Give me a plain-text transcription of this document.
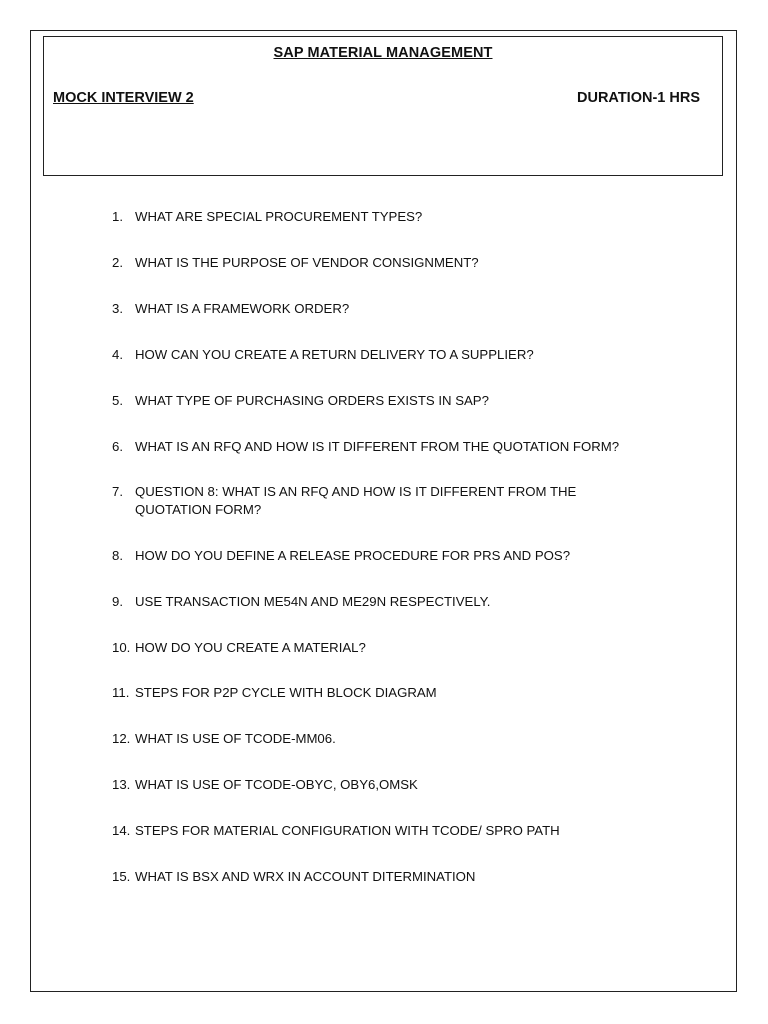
SAP MATERIAL MANAGEMENT
MOCK INTERVIEW 2	DURATION-1 HRS
1. WHAT ARE SPECIAL PROCUREMENT TYPES?
2. WHAT IS THE PURPOSE OF VENDOR CONSIGNMENT?
3. WHAT IS A FRAMEWORK ORDER?
4. HOW CAN YOU CREATE A RETURN DELIVERY TO A SUPPLIER?
5. WHAT TYPE OF PURCHASING ORDERS EXISTS IN SAP?
6. WHAT IS AN RFQ AND HOW IS IT DIFFERENT FROM THE QUOTATION FORM?
7. QUESTION 8: WHAT IS AN RFQ AND HOW IS IT DIFFERENT FROM THE QUOTATION FORM?
8. HOW DO YOU DEFINE A RELEASE PROCEDURE FOR PRS AND POS?
9. USE TRANSACTION ME54N AND ME29N RESPECTIVELY.
10. HOW DO YOU CREATE A MATERIAL?
11. STEPS FOR P2P CYCLE WITH BLOCK DIAGRAM
12. WHAT IS USE OF TCODE-MM06.
13. WHAT IS USE OF TCODE-OBYC, OBY6,OMSK
14. STEPS FOR MATERIAL CONFIGURATION WITH TCODE/ SPRO PATH
15. WHAT IS BSX AND WRX IN ACCOUNT DITERMINATION
